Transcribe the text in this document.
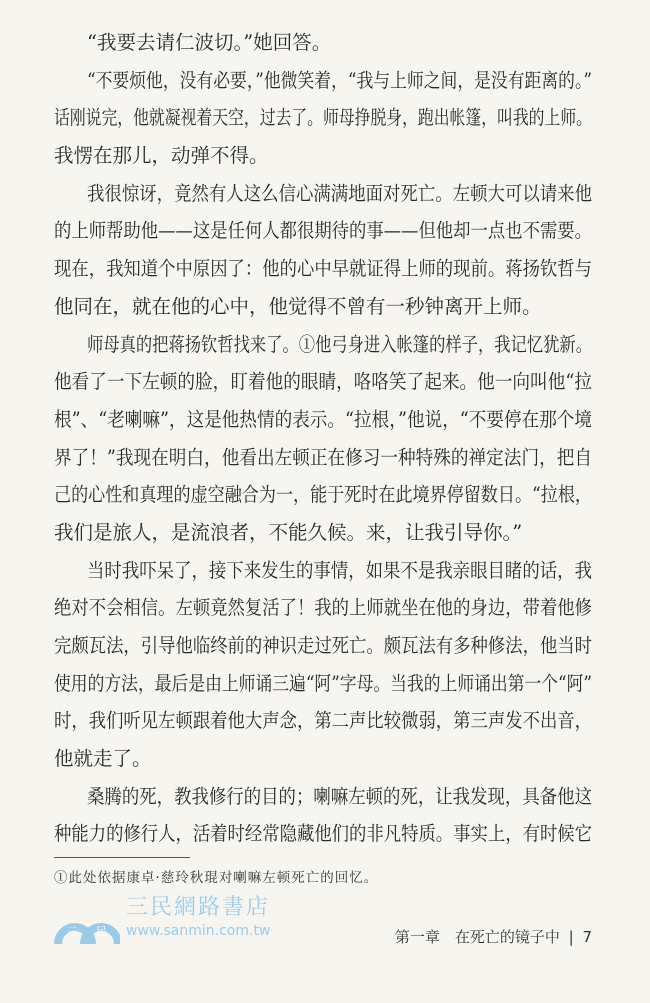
“我要去请仁波切。”她回答。
“不要烦他，没有必要，”他微笑着，“我与上师之间，是没有距离的。”
话刚说完，他就凝视着天空，过去了。师母挣脱身，跑出帐篷，叫我的上师。
我愣在那儿，动弹不得。
我很惊讶，竟然有人这么信心满满地面对死亡。左顿大可以请来他
的上师帮助他——这是任何人都很期待的事——但他却一点也不需要。
现在，我知道个中原因了：他的心中早就证得上师的现前。蒋扬钦哲与
他同在，就在他的心中，他觉得不曾有一秒钟离开上师。
师母真的把蒋扬钦哲找来了。①他弓身进入帐篷的样子，我记忆犹新。
他看了一下左顿的脸，盯着他的眼睛，咯咯笑了起来。他一向叫他“拉
根”、“老喇嘛”，这是他热情的表示。“拉根，”他说，“不要停在那个境
界了！”我现在明白，他看出左顿正在修习一种特殊的禅定法门，把自
己的心性和真理的虚空融合为一，能于死时在此境界停留数日。“拉根，
我们是旅人，是流浪者，不能久候。来，让我引导你。”
当时我吓呆了，接下来发生的事情，如果不是我亲眼目睹的话，我
绝对不会相信。左顿竟然复活了！我的上师就坐在他的身边，带着他修
完颇瓦法，引导他临终前的神识走过死亡。颇瓦法有多种修法，他当时
使用的方法，最后是由上师诵三遍“阿”字母。当我的上师诵出第一个“阿”
时，我们听见左顿跟着他大声念，第二声比较微弱，第三声发不出音，
他就走了。
桑腾的死，教我修行的目的；喇嘛左顿的死，让我发现，具备他这
种能力的修行人，活着时经常隐藏他们的非凡特质。事实上，有时候它
①此处依据康卓·慈玲秋琨对喇嘛左顿死亡的回忆。
三 民
三民網路書店
www.sanmin.com.tw	第一章　在死亡的镜子中 | 7
